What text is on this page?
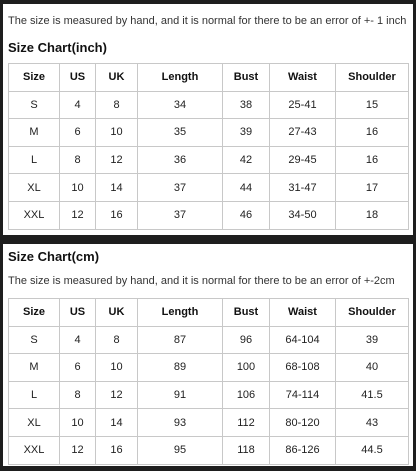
The size is measured by hand, and it is normal for there to be an error of +- 1 inch
Size Chart(inch)
Size	US	UK	Length	Bust	Waist	Shoulder
S	4	8	34	38	25-41	15
M	6	10	35	39	27-43	16
L	8	12	36	42	29-45	16
XL	10	14	37	44	31-47	17
XXL	12	16	37	46	34-50	18
Size Chart(cm)
The size is measured by hand, and it is normal for there to be an error of +-2cm
Size	US	UK	Length	Bust	Waist	Shoulder
S	4	8	87	96	64-104	39
M	6	10	89	100	68-108	40
L	8	12	91	106	74-114	41.5
XL	10	14	93	112	80-120	43
XXL	12	16	95	118	86-126	44.5
